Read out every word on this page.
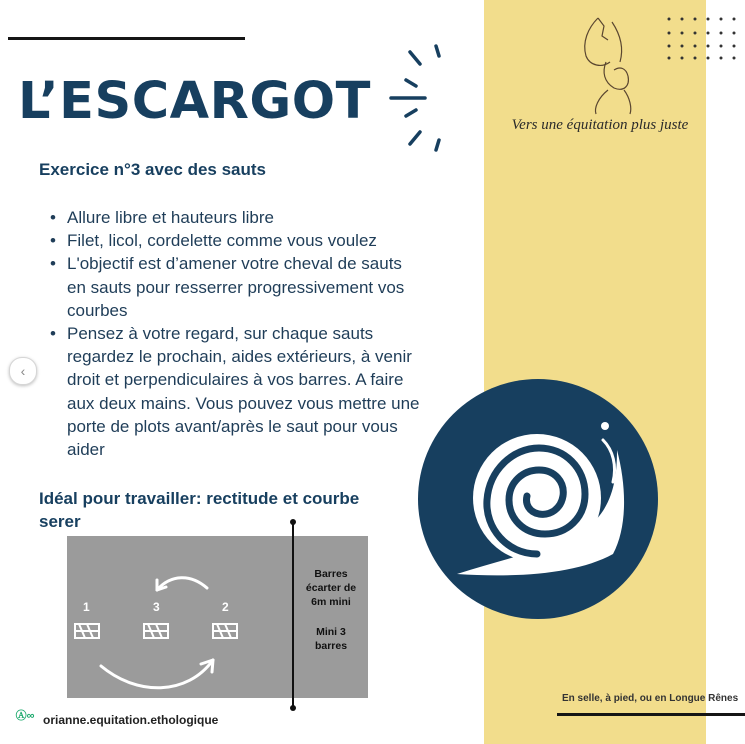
L’ESCARGOT	Vers une équitation plus juste
Exercice n°3 avec des sauts
• Allure libre et hauteurs libre
• Filet, licol, cordelette comme vous voulez
• L'objectif est d’amener votre cheval de sauts en sauts pour resserrer progressivement vos courbes
• Pensez à votre regard, sur chaque sauts regardez le prochain, aides extérieurs, à venir droit et perpendiculaires à vos barres. A faire aux deux mains. Vous pouvez vous mettre une porte de plots avant/après le saut pour vous aider
Idéal pour travailler: rectitude et courbe serer
1	3	2
Barres écarter de 6m mini
Mini 3 barres
En selle, à pied, ou en Longue Rênes
Ⓐ∞ orianne.equitation.ethologique
‹
